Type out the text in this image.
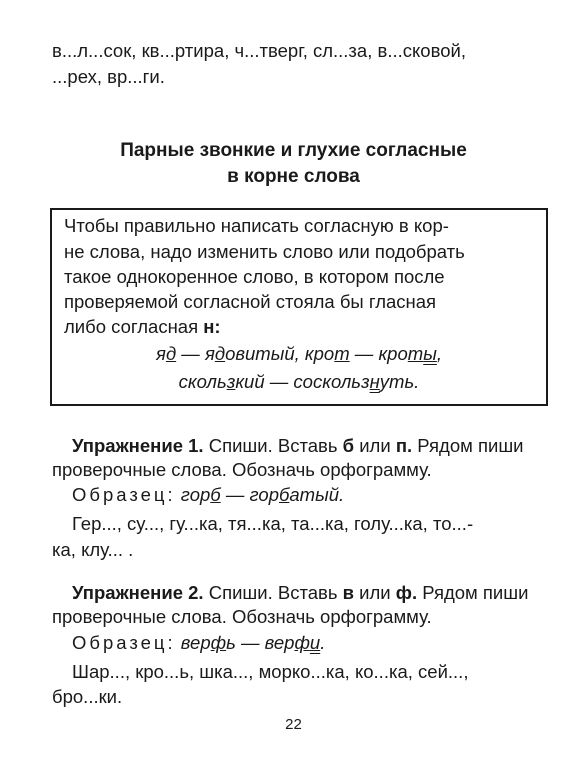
в...л...сок, кв...ртира, ч...тверг, сл...за, в...сковой,
...рех, вр...ги.
Парные звонкие и глухие согласные
в корне слова
Чтобы правильно написать согласную в кор-
не слова, надо изменить слово или подобрать
такое однокоренное слово, в котором после
проверяемой согласной стояла бы гласная
либо согласная н:
яд — ядовитый, крот — кроты,
скользкий — соскользнуть.
Упражнение 1. Спиши. Вставь б или п. Рядом пиши
проверочные слова. Обозначь орфограмму.
Образец: горб — горбатый.
Гер..., су..., гу...ка, тя...ка, та...ка, голу...ка, то...-
ка, клу... .
Упражнение 2. Спиши. Вставь в или ф. Рядом пиши
проверочные слова. Обозначь орфограмму.
Образец: верфь — верфи.
Шар..., кро...ь, шка..., морко...ка, ко...ка, сей...,
бро...ки.
22
